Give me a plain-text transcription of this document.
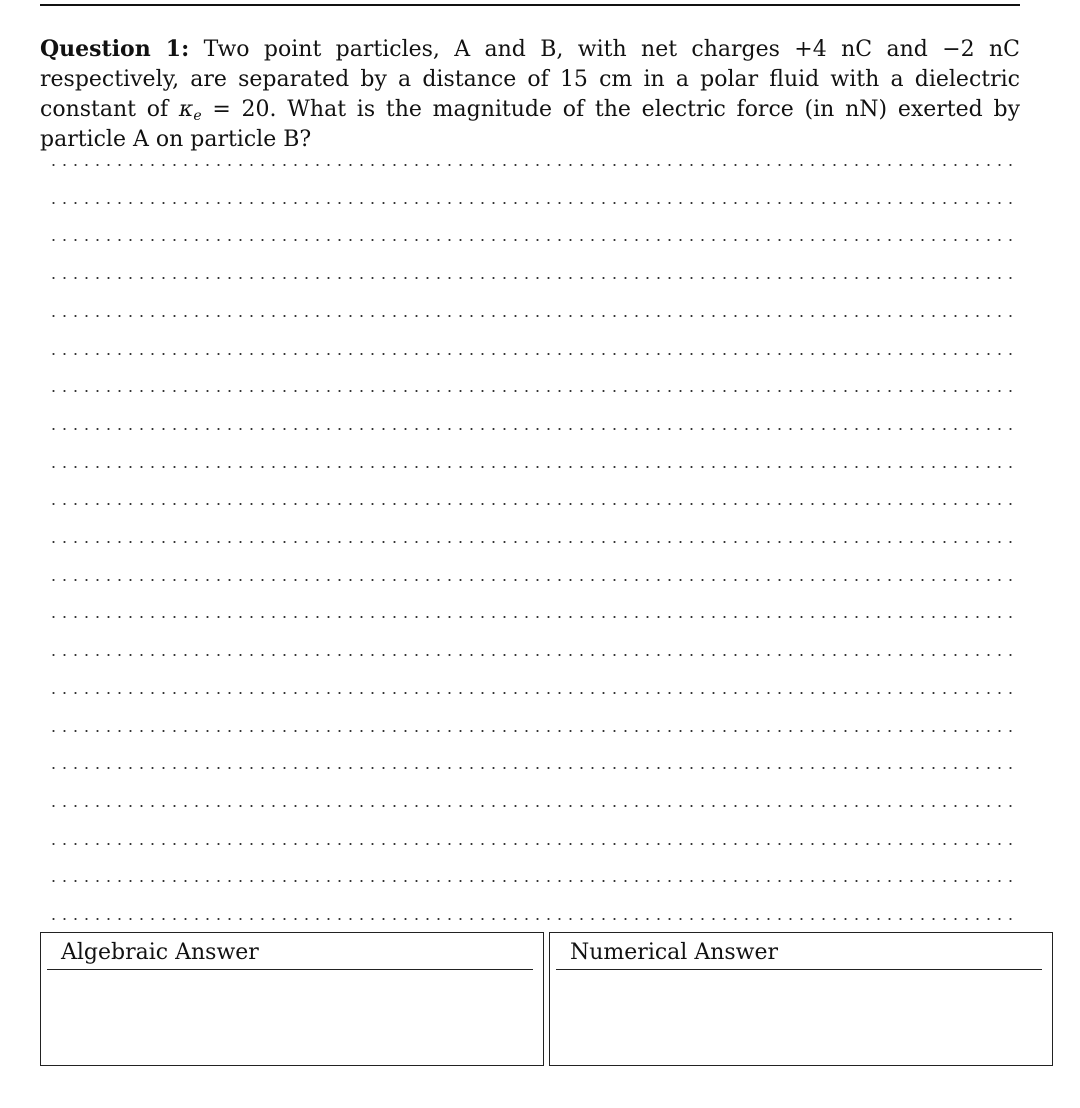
Question 1: Two point particles, A and B, with net charges +4 nC and −2 nC respectively, are separated by a distance of 15 cm in a polar fluid with a dielectric constant of $\kappa_e = 20$. What is the magnitude of the electric force (in nN) exerted by particle A on particle B?
Algebraic Answer	Numerical Answer
